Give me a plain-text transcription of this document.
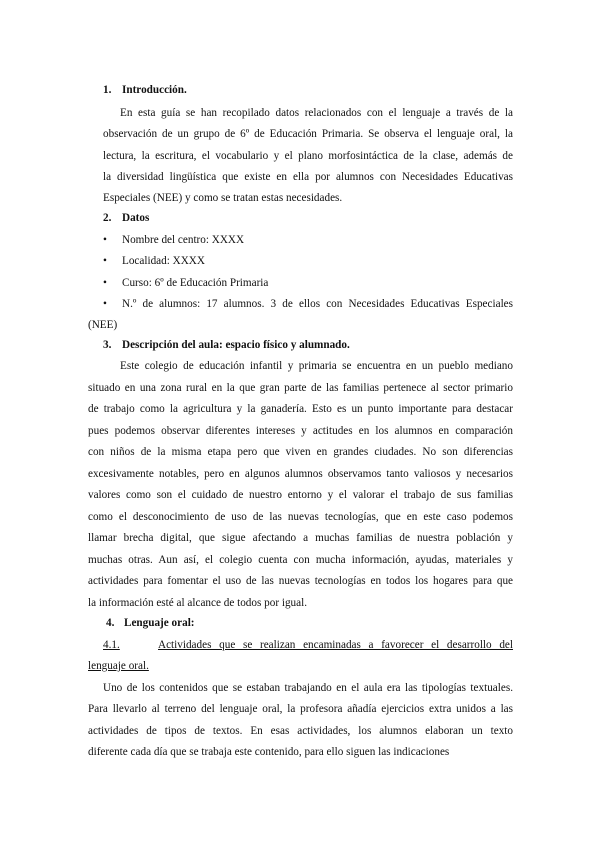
1. Introducción.
En esta guía se han recopilado datos relacionados con el lenguaje a través de la
observación de un grupo de 6º de Educación Primaria. Se observa el lenguaje oral, la
lectura, la escritura, el vocabulario y el plano morfosintáctica de la clase, además de
la diversidad lingüística que existe en ella por alumnos con Necesidades Educativas
Especiales (NEE) y como se tratan estas necesidades.
2. Datos
• Nombre del centro: XXXX
• Localidad: XXXX
• Curso: 6º de Educación Primaria
• N.º de alumnos: 17 alumnos. 3 de ellos con Necesidades Educativas Especiales
(NEE)
3. Descripción del aula: espacio físico y alumnado.
Este colegio de educación infantil y primaria se encuentra en un pueblo mediano
situado en una zona rural en la que gran parte de las familias pertenece al sector primario
de trabajo como la agricultura y la ganadería. Esto es un punto importante para destacar
pues podemos observar diferentes intereses y actitudes en los alumnos en comparación
con niños de la misma etapa pero que viven en grandes ciudades. No son diferencias
excesivamente notables, pero en algunos alumnos observamos tanto valiosos y necesarios
valores como son el cuidado de nuestro entorno y el valorar el trabajo de sus familias
como el desconocimiento de uso de las nuevas tecnologías, que en este caso podemos
llamar brecha digital, que sigue afectando a muchas familias de nuestra población y
muchas otras. Aun así, el colegio cuenta con mucha información, ayudas, materiales y
actividades para fomentar el uso de las nuevas tecnologías en todos los hogares para que
la información esté al alcance de todos por igual.
4. Lenguaje oral:
4.1.	Actividades que se realizan encaminadas a favorecer el desarrollo del
lenguaje oral.
Uno de los contenidos que se estaban trabajando en el aula era las tipologías textuales.
Para llevarlo al terreno del lenguaje oral, la profesora añadía ejercicios extra unidos a las
actividades de tipos de textos. En esas actividades, los alumnos elaboran un texto
diferente cada día que se trabaja este contenido, para ello siguen las indicaciones
